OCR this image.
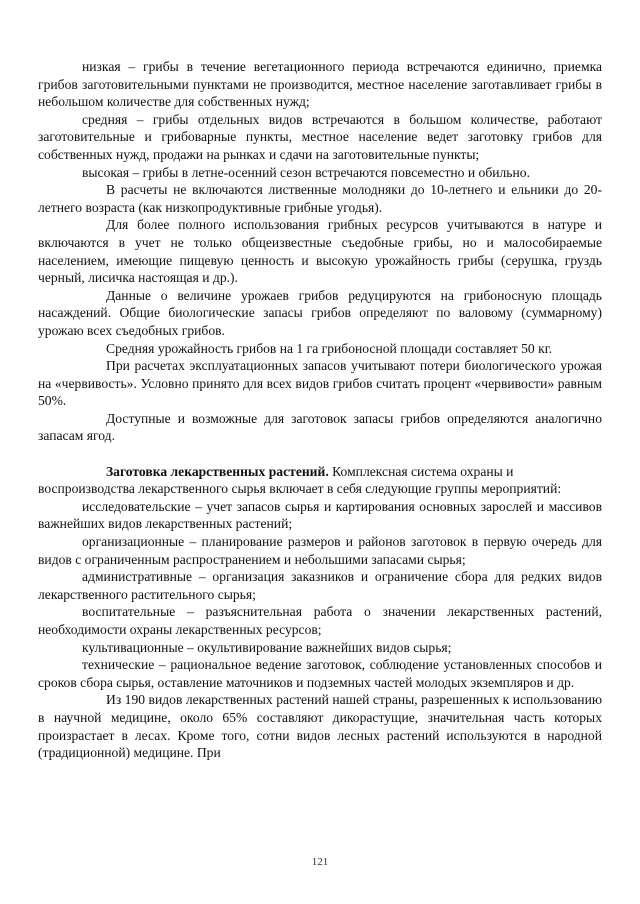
низкая – грибы в течение вегетационного периода встречаются единично, приемка грибов заготовительными пунктами не производится, местное население заготавливает грибы в небольшом количестве для собственных нужд;

средняя – грибы отдельных видов встречаются в большом количестве, работают заготовительные и грибоварные пункты, местное население ведет заготовку грибов для собственных нужд, продажи на рынках и сдачи на заготовительные пункты;

высокая – грибы в летне-осенний сезон встречаются повсеместно и обильно.

В расчеты не включаются лиственные молодняки до 10-летнего и ельники до 20-летнего возраста (как низкопродуктивные грибные угодья).

Для более полного использования грибных ресурсов учитываются в натуре и включаются в учет не только общеизвестные съедобные грибы, но и малособираемые населением, имеющие пищевую ценность и высокую урожайность грибы (серушка, груздь черный, лисичка настоящая и др.).

Данные о величине урожаев грибов редуцируются на грибоносную площадь насаждений. Общие биологические запасы грибов определяют по валовому (суммарному) урожаю всех съедобных грибов.

Средняя урожайность грибов на 1 га грибоносной площади составляет 50 кг.

При расчетах эксплуатационных запасов учитывают потери биологического урожая на «червивость». Условно принято для всех видов грибов считать процент «червивости» равным 50%.

Доступные и возможные для заготовок запасы грибов определяются аналогично запасам ягод.

Заготовка лекарственных растений. Комплексная система охраны и воспроизводства лекарственного сырья включает в себя следующие группы мероприятий:

исследовательские – учет запасов сырья и картирования основных зарослей и массивов важнейших видов лекарственных растений;

организационные – планирование размеров и районов заготовок в первую очередь для видов с ограниченным распространением и небольшими запасами сырья;

административные – организация заказников и ограничение сбора для редких видов лекарственного растительного сырья;

воспитательные – разъяснительная работа о значении лекарственных растений, необходимости охраны лекарственных ресурсов;

культивационные – окультивирование важнейших видов сырья;

технические – рациональное ведение заготовок, соблюдение установленных способов и сроков сбора сырья, оставление маточников и подземных частей молодых экземпляров и др.

Из 190 видов лекарственных растений нашей страны, разрешенных к использованию в научной медицине, около 65% составляют дикорастущие, значительная часть которых произрастает в лесах. Кроме того, сотни видов лесных растений используются в народной (традиционной) медицине. При

121
